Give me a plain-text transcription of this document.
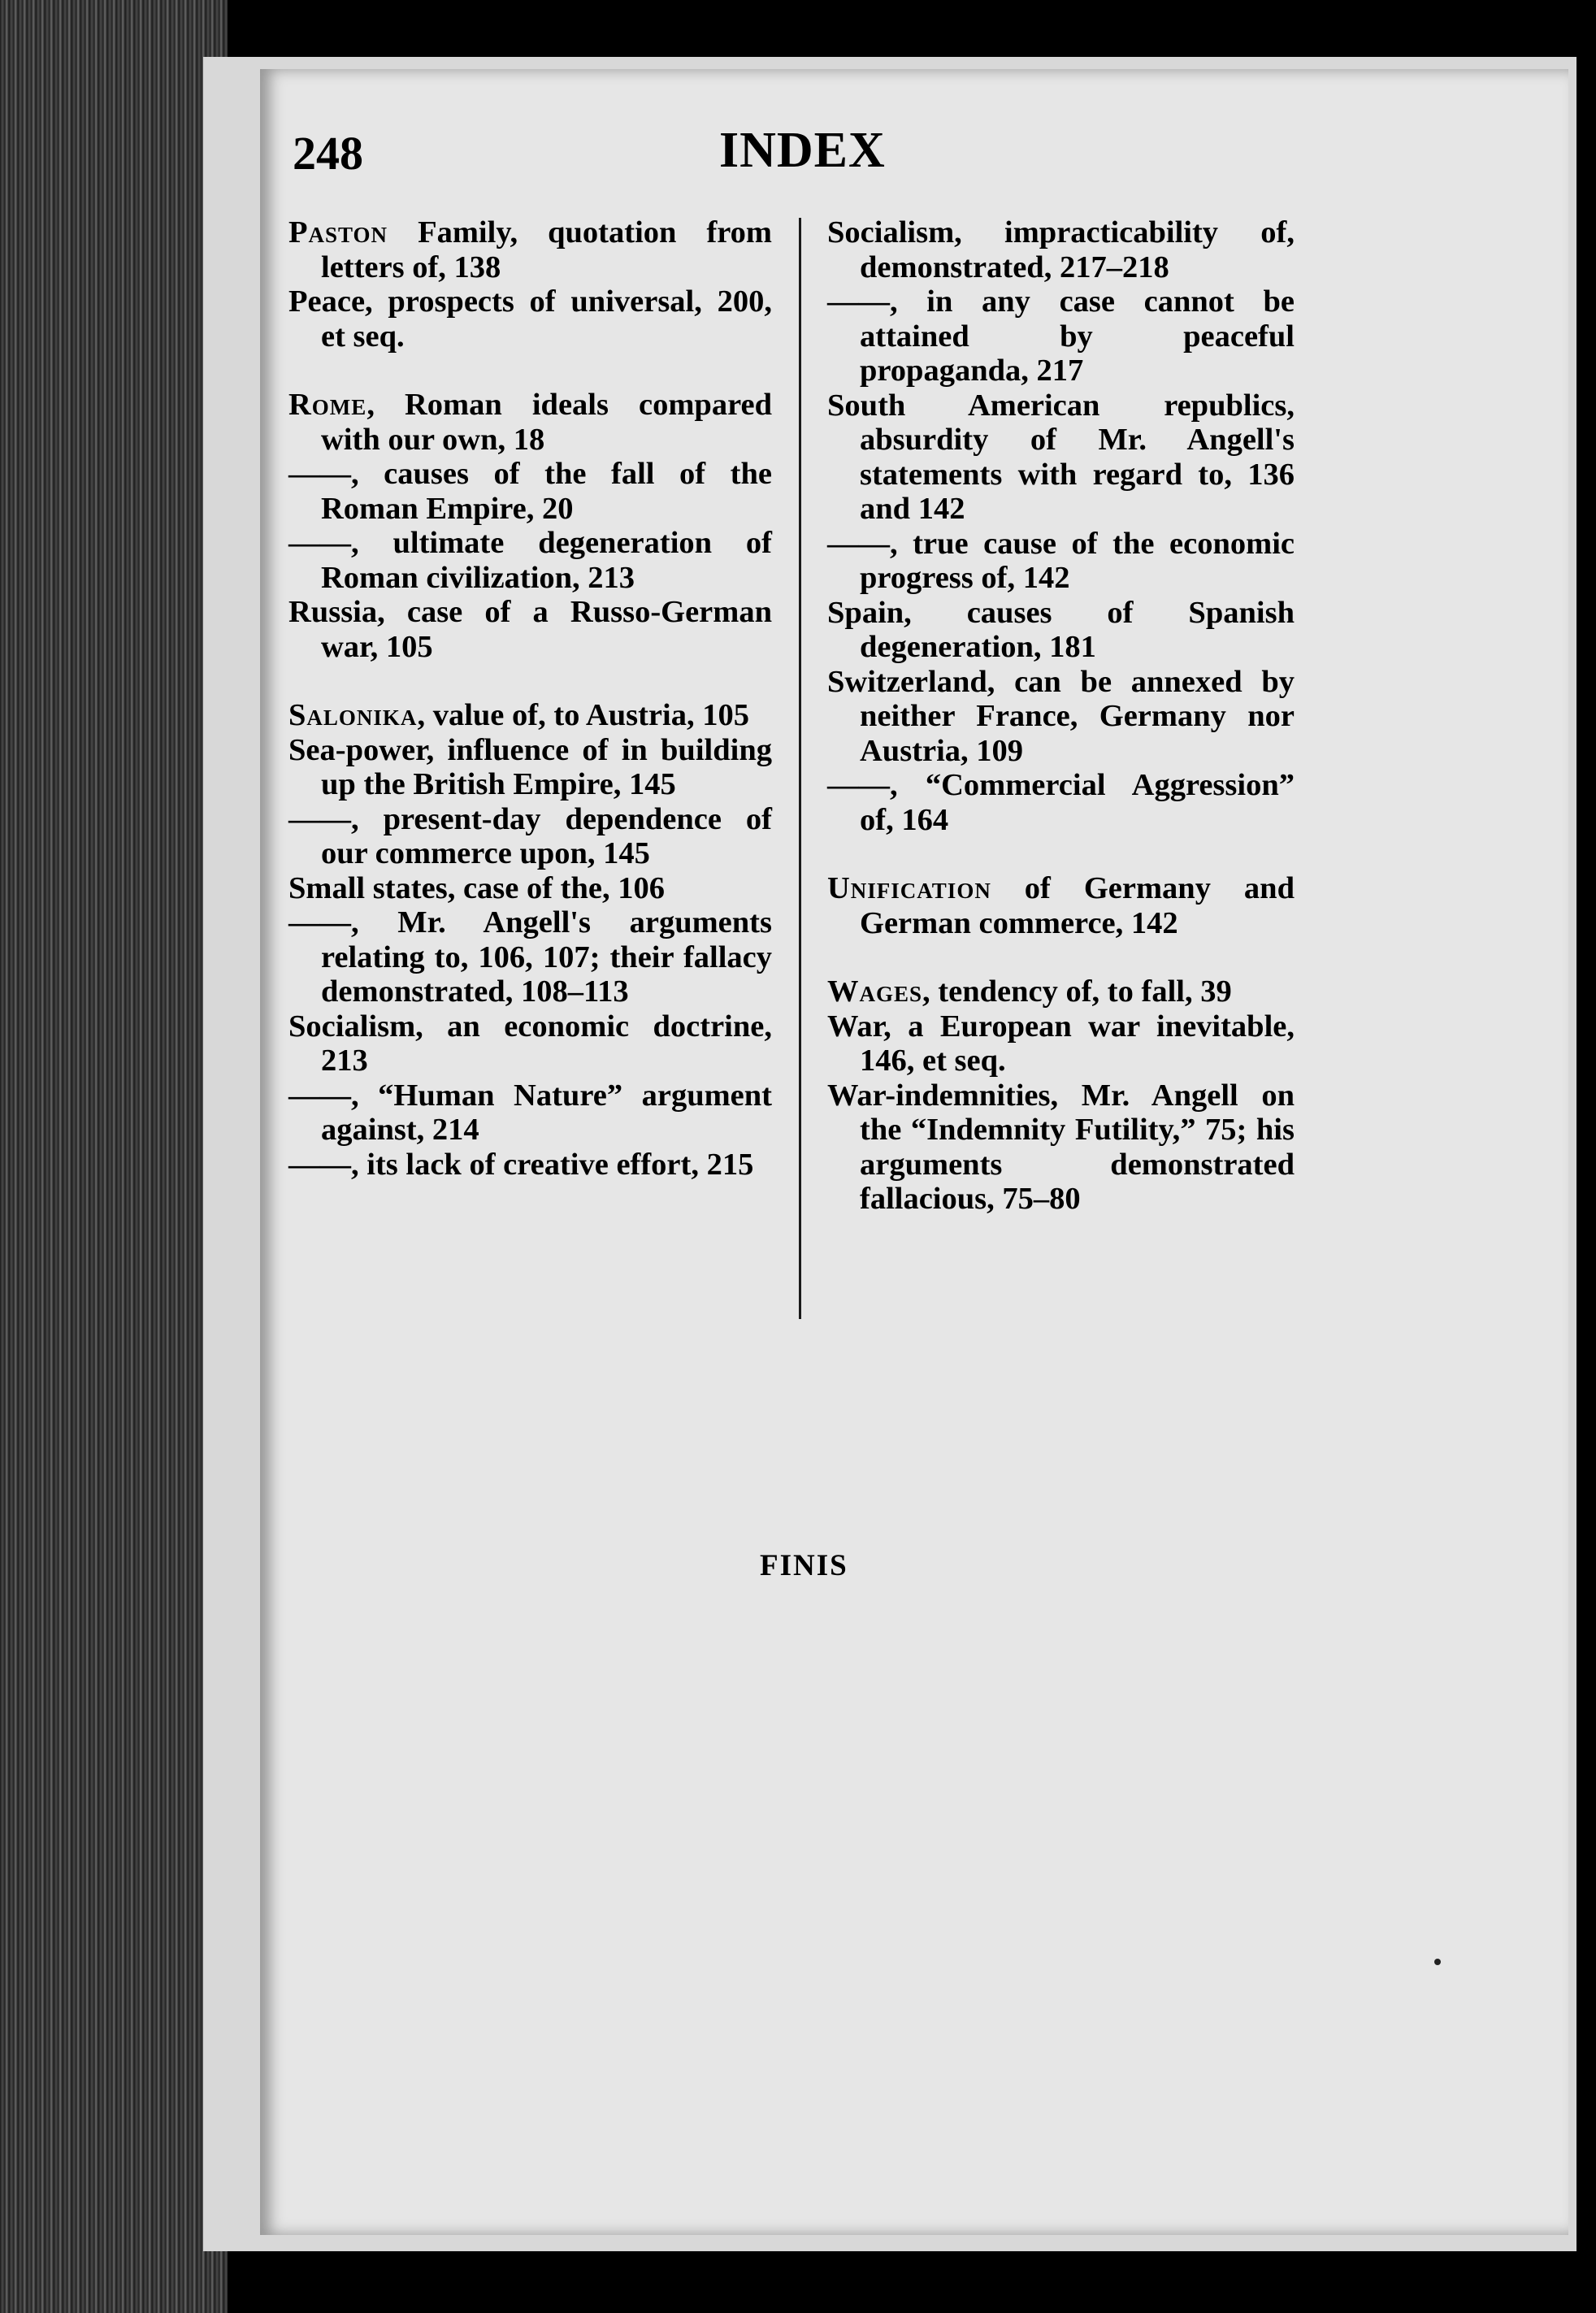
248	INDEX

Paston Family, quotation from letters of, 138

Peace, prospects of universal, 200, et seq.

Rome, Roman ideals compared with our own, 18

——, causes of the fall of the Roman Empire, 20

——, ultimate degeneration of Roman civilization, 213

Russia, case of a Russo-German war, 105

Salonika, value of, to Austria, 105

Sea-power, influence of in building up the British Empire, 145

——, present-day dependence of our commerce upon, 145

Small states, case of the, 106

——, Mr. Angell's arguments relating to, 106, 107; their fallacy demonstrated, 108–113

Socialism, an economic doctrine, 213

——, “Human Nature” argument against, 214

——, its lack of creative effort, 215

Socialism, impracticability of, demonstrated, 217–218

——, in any case cannot be attained by peaceful propaganda, 217

South American republics, absurdity of Mr. Angell's statements with regard to, 136 and 142

——, true cause of the economic progress of, 142

Spain, causes of Spanish degeneration, 181

Switzerland, can be annexed by neither France, Germany nor Austria, 109

——, “Commercial Aggression” of, 164

Unification of Germany and German commerce, 142

Wages, tendency of, to fall, 39

War, a European war inevitable, 146, et seq.

War-indemnities, Mr. Angell on the “Indemnity Futility,” 75; his arguments demonstrated fallacious, 75–80

FINIS
